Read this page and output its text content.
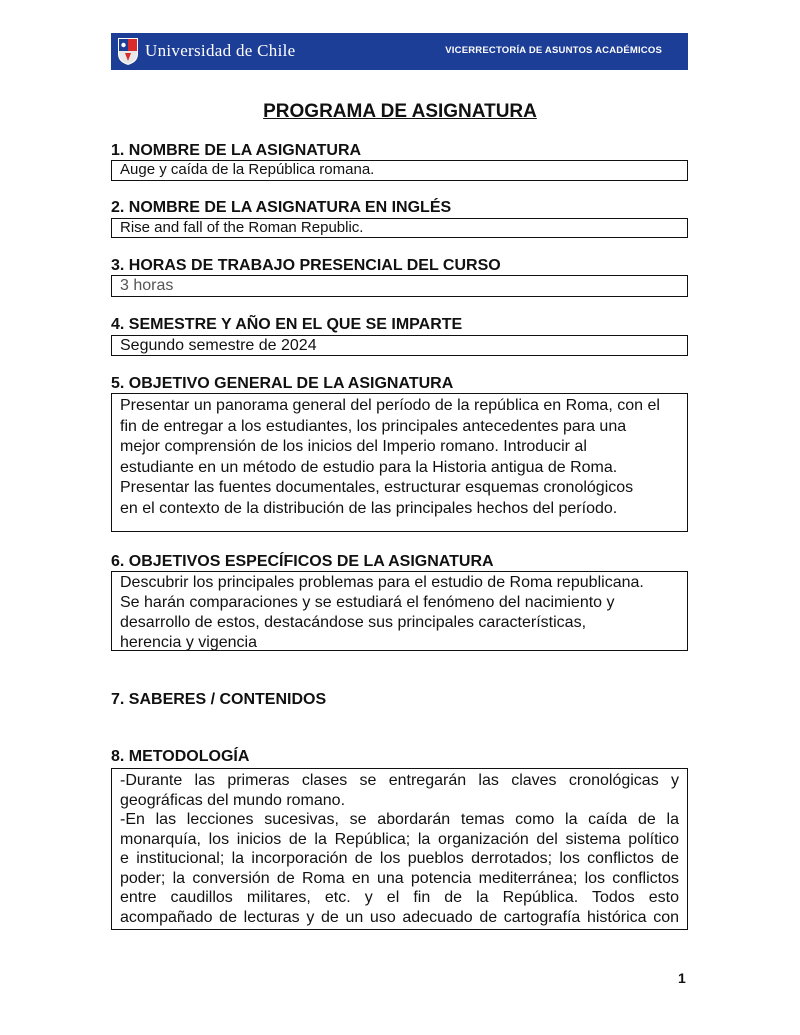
Universidad de Chile	VICERRECTORÍA DE ASUNTOS ACADÉMICOS
PROGRAMA DE ASIGNATURA
1. NOMBRE DE LA ASIGNATURA
Auge y caída de la República romana.
2. NOMBRE DE LA ASIGNATURA EN INGLÉS
Rise and fall of the Roman Republic.
3. HORAS DE TRABAJO PRESENCIAL DEL CURSO
3 horas
4. SEMESTRE Y AÑO EN EL QUE SE IMPARTE
Segundo semestre de 2024
5. OBJETIVO GENERAL DE LA ASIGNATURA
Presentar un panorama general del período de la república en Roma, con el
fin de entregar a los estudiantes, los principales antecedentes para una
mejor comprensión de los inicios del Imperio romano. Introducir al
estudiante en un método de estudio para la Historia antigua de Roma.
Presentar las fuentes documentales, estructurar esquemas cronológicos
en el contexto de la distribución de las principales hechos del período.
6. OBJETIVOS ESPECÍFICOS DE LA ASIGNATURA
Descubrir los principales problemas para el estudio de Roma republicana.
Se harán comparaciones y se estudiará el fenómeno del nacimiento y
desarrollo de estos, destacándose sus principales características,
herencia y vigencia
7. SABERES / CONTENIDOS
8. METODOLOGÍA
-Durante las primeras clases se entregarán las claves cronológicas y
geográficas del mundo romano.
-En las lecciones sucesivas, se abordarán temas como la caída de la
monarquía, los inicios de la República; la organización del sistema político
e institucional; la incorporación de los pueblos derrotados; los conflictos de
poder; la conversión de Roma en una potencia mediterránea; los conflictos
entre caudillos militares, etc. y el fin de la República. Todos esto
acompañado de lecturas y de un uso adecuado de cartografía histórica con
1
